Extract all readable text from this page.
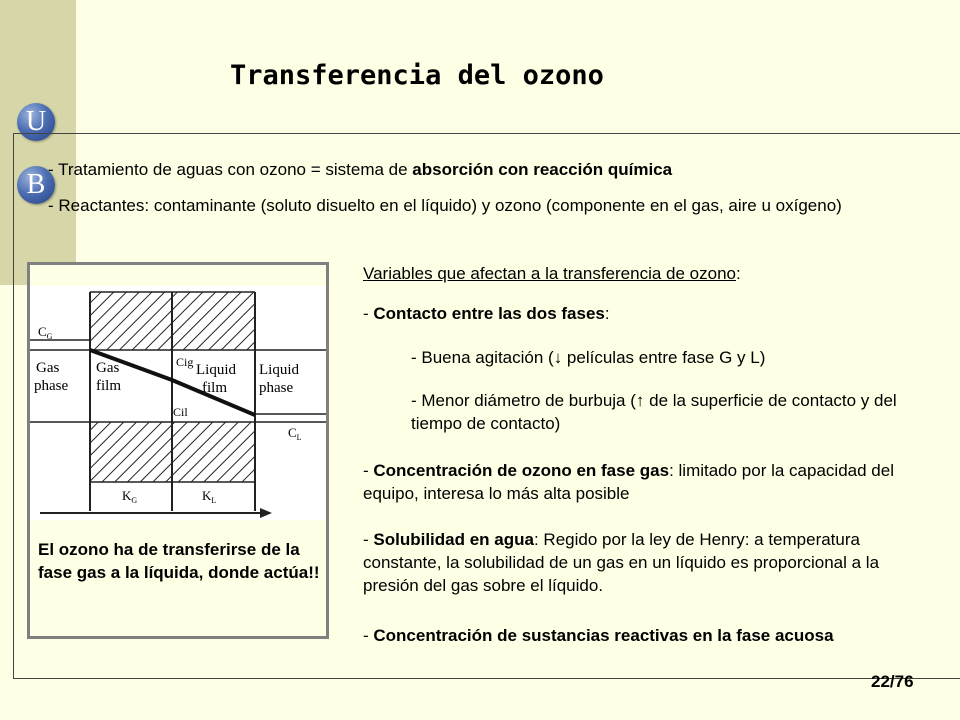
U
B
Transferencia del ozono
- Tratamiento de aguas con ozono = sistema de absorción con reacción química
- Reactantes: contaminante (soluto disuelto en el líquido) y ozono (componente en el gas, aire u oxígeno)
$C_G$
Gas
phase
Gas
film
Cig Liquid
film
Liquid
phase
Cil
$C_L$
$K_G$	$K_L$
El ozono ha de transferirse de la fase gas a la líquida, donde actúa!!
Variables que afectan a la transferencia de ozono:
- Contacto entre las dos fases:
- Buena agitación (↓ películas entre fase G y L)
- Menor diámetro de burbuja (↑ de la superficie de contacto y del tiempo de contacto)
- Concentración de ozono en fase gas: limitado por la capacidad del equipo, interesa lo más alta posible
- Solubilidad en agua: Regido por la ley de Henry: a temperatura constante, la solubilidad de un gas en un líquido es proporcional a la presión del gas sobre el líquido.
- Concentración de sustancias reactivas en la fase acuosa
22/76
